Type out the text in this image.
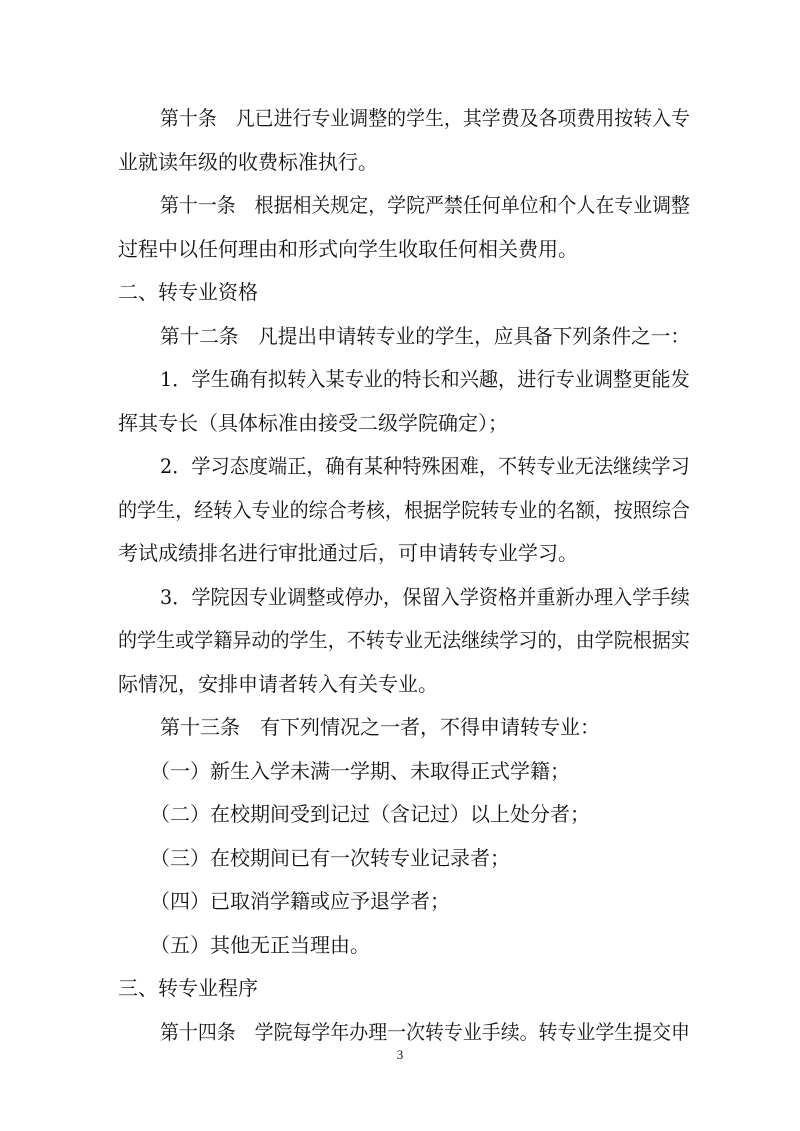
第十条　凡已进行专业调整的学生，其学费及各项费用按转入专
业就读年级的收费标准执行。
第十一条　根据相关规定，学院严禁任何单位和个人在专业调整
过程中以任何理由和形式向学生收取任何相关费用。
二、转专业资格
第十二条　凡提出申请转专业的学生，应具备下列条件之一：
1．学生确有拟转入某专业的特长和兴趣，进行专业调整更能发
挥其专长（具体标准由接受二级学院确定）；
2．学习态度端正，确有某种特殊困难，不转专业无法继续学习
的学生，经转入专业的综合考核，根据学院转专业的名额，按照综合
考试成绩排名进行审批通过后，可申请转专业学习。
3．学院因专业调整或停办，保留入学资格并重新办理入学手续
的学生或学籍异动的学生，不转专业无法继续学习的，由学院根据实
际情况，安排申请者转入有关专业。
第十三条　有下列情况之一者，不得申请转专业：
（一）新生入学未满一学期、未取得正式学籍；
（二）在校期间受到记过（含记过）以上处分者；
（三）在校期间已有一次转专业记录者；
（四）已取消学籍或应予退学者；
（五）其他无正当理由。
三、转专业程序
第十四条　学院每学年办理一次转专业手续。转专业学生提交申
3
